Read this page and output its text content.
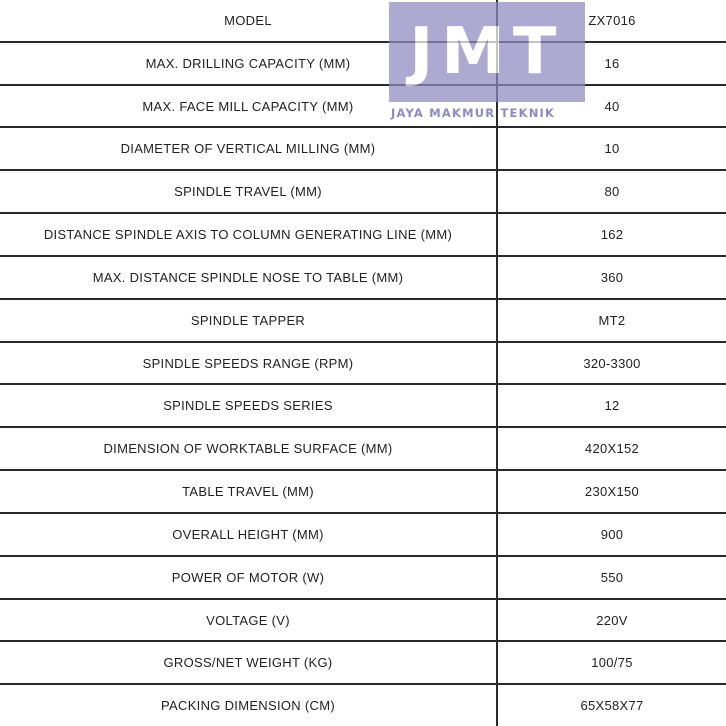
MODEL	ZX7016
MAX. DRILLING CAPACITY (MM)	16
MAX. FACE MILL CAPACITY (MM)	40
DIAMETER OF VERTICAL MILLING (MM)	10
SPINDLE TRAVEL (MM)	80
DISTANCE SPINDLE AXIS TO COLUMN GENERATING LINE (MM)	162
MAX. DISTANCE SPINDLE NOSE TO TABLE (MM)	360
SPINDLE TAPPER	MT2
SPINDLE SPEEDS RANGE (RPM)	320-3300
SPINDLE SPEEDS SERIES	12
DIMENSION OF WORKTABLE SURFACE (MM)	420X152
TABLE TRAVEL (MM)	230X150
OVERALL HEIGHT (MM)	900
POWER OF MOTOR (W)	550
VOLTAGE (V)	220V
GROSS/NET WEIGHT (KG)	100/75
PACKING DIMENSION (CM)	65X58X77
JMT
JAYA MAKMUR TEKNIK
